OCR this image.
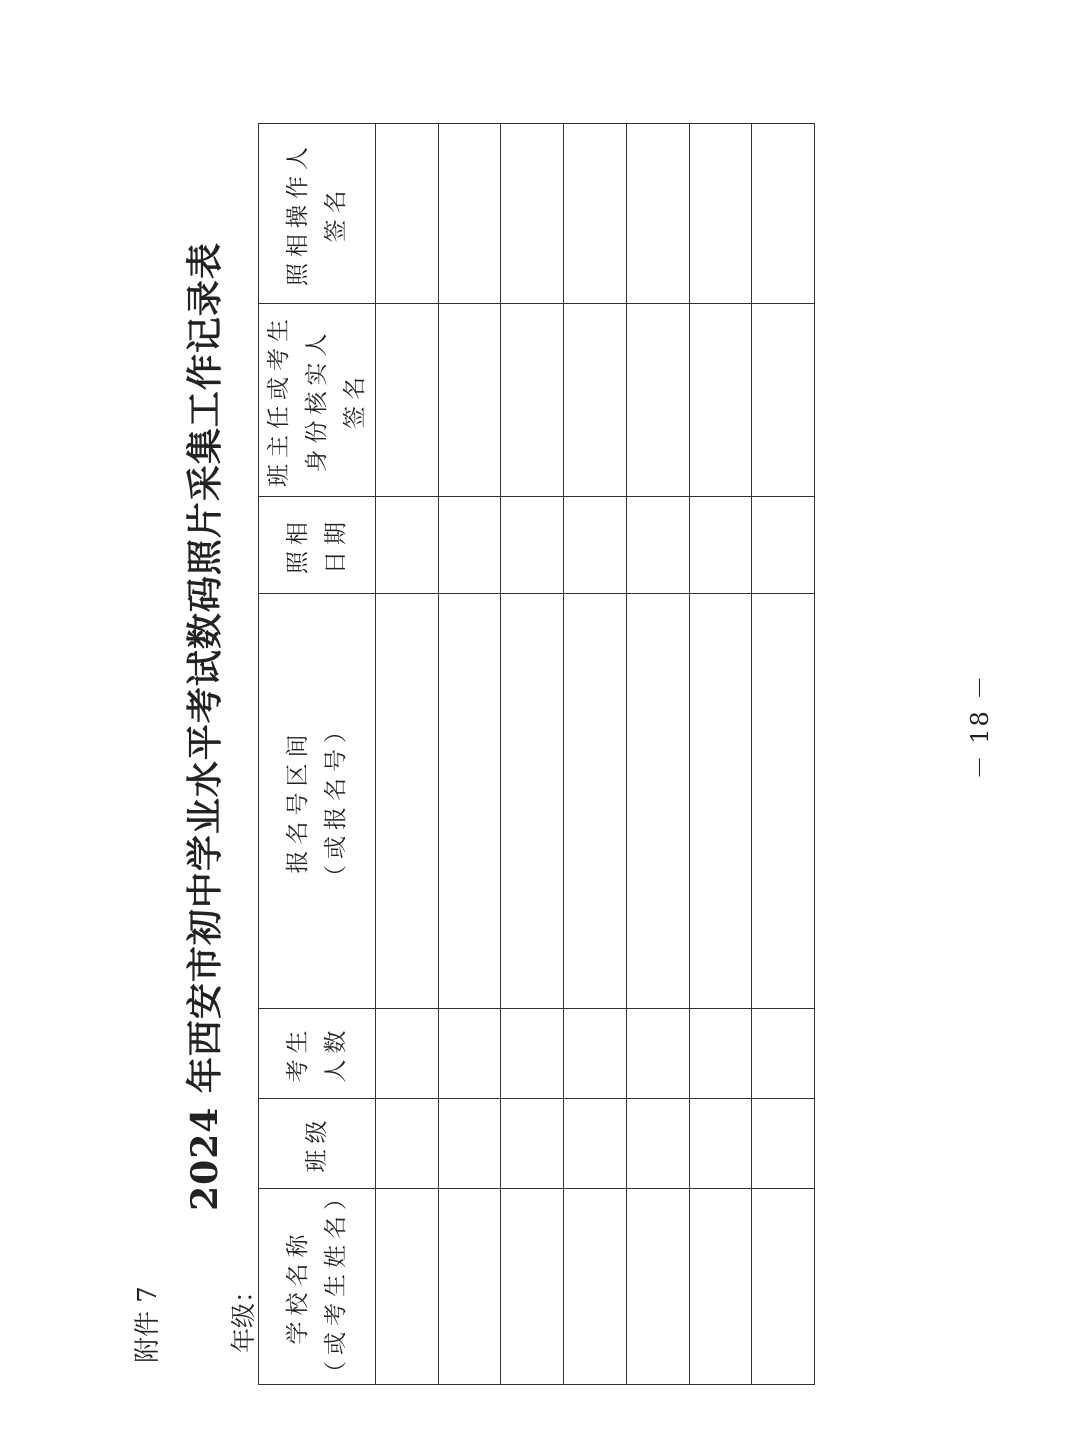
附件 7
2024 年西安市初中学业水平考试数码照片采集工作记录表
年级： 学校名称 （或考生姓名）	班级	考生 人数	报名号区间 （或报名号）	照相 日期	班主任或考生 身份核实人 签名	照相操作人 签名

－ 18 －
